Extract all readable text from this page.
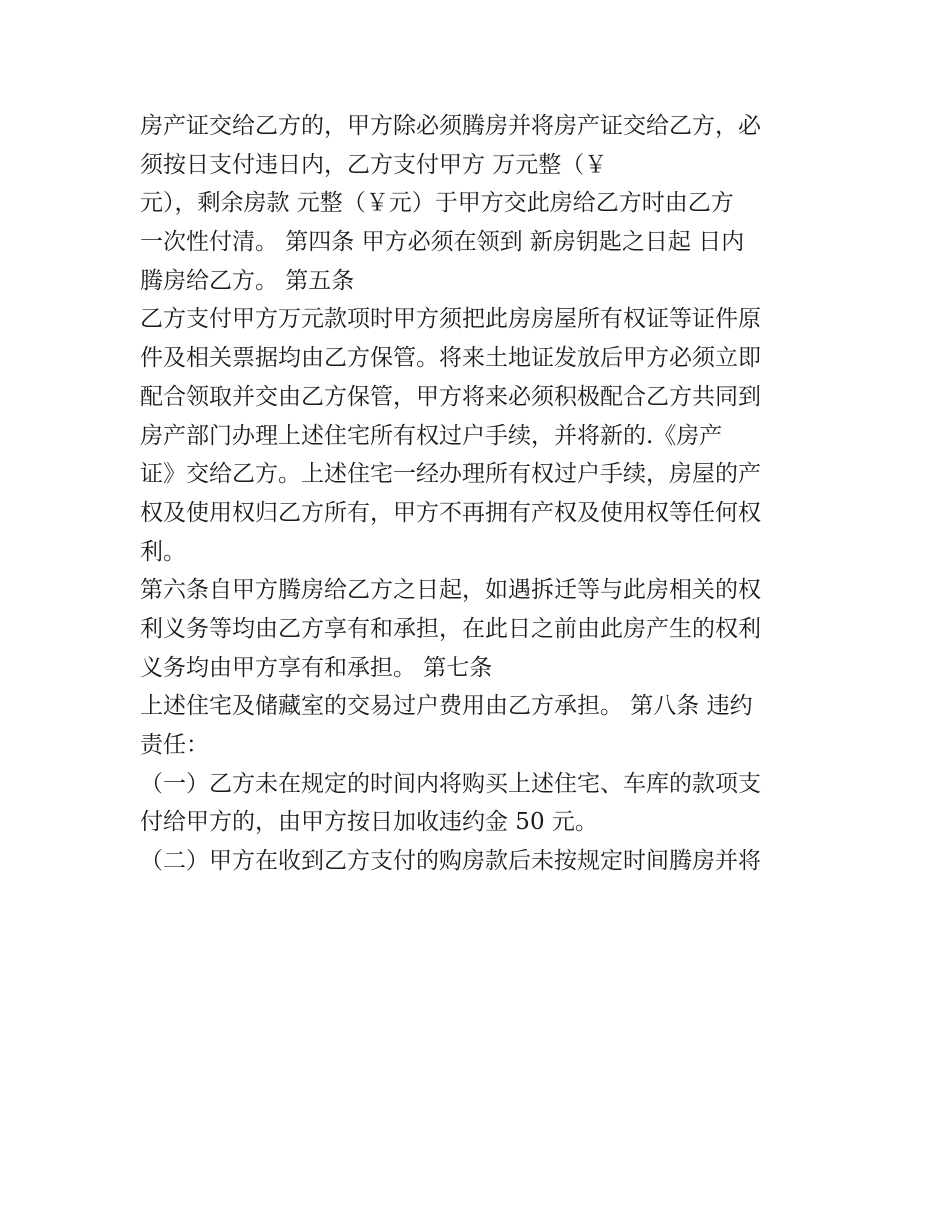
房产证交给乙方的，甲方除必须腾房并将房产证交给乙方，必
须按日支付违日内，乙方支付甲方 万元整（￥
元），剩余房款 元整（￥元）于甲方交此房给乙方时由乙方
一次性付清。 第四条 甲方必须在领到 新房钥匙之日起 日内
腾房给乙方。 第五条
乙方支付甲方万元款项时甲方须把此房房屋所有权证等证件原
件及相关票据均由乙方保管。将来土地证发放后甲方必须立即
配合领取并交由乙方保管，甲方将来必须积极配合乙方共同到
房产部门办理上述住宅所有权过户手续，并将新的.《房产
证》交给乙方。上述住宅一经办理所有权过户手续，房屋的产
权及使用权归乙方所有，甲方不再拥有产权及使用权等任何权
利。
第六条自甲方腾房给乙方之日起，如遇拆迁等与此房相关的权
利义务等均由乙方享有和承担，在此日之前由此房产生的权利
义务均由甲方享有和承担。 第七条
上述住宅及储藏室的交易过户费用由乙方承担。 第八条 违约
责任：
（一）乙方未在规定的时间内将购买上述住宅、车库的款项支
付给甲方的，由甲方按日加收违约金 50 元。
（二）甲方在收到乙方支付的购房款后未按规定时间腾房并将
